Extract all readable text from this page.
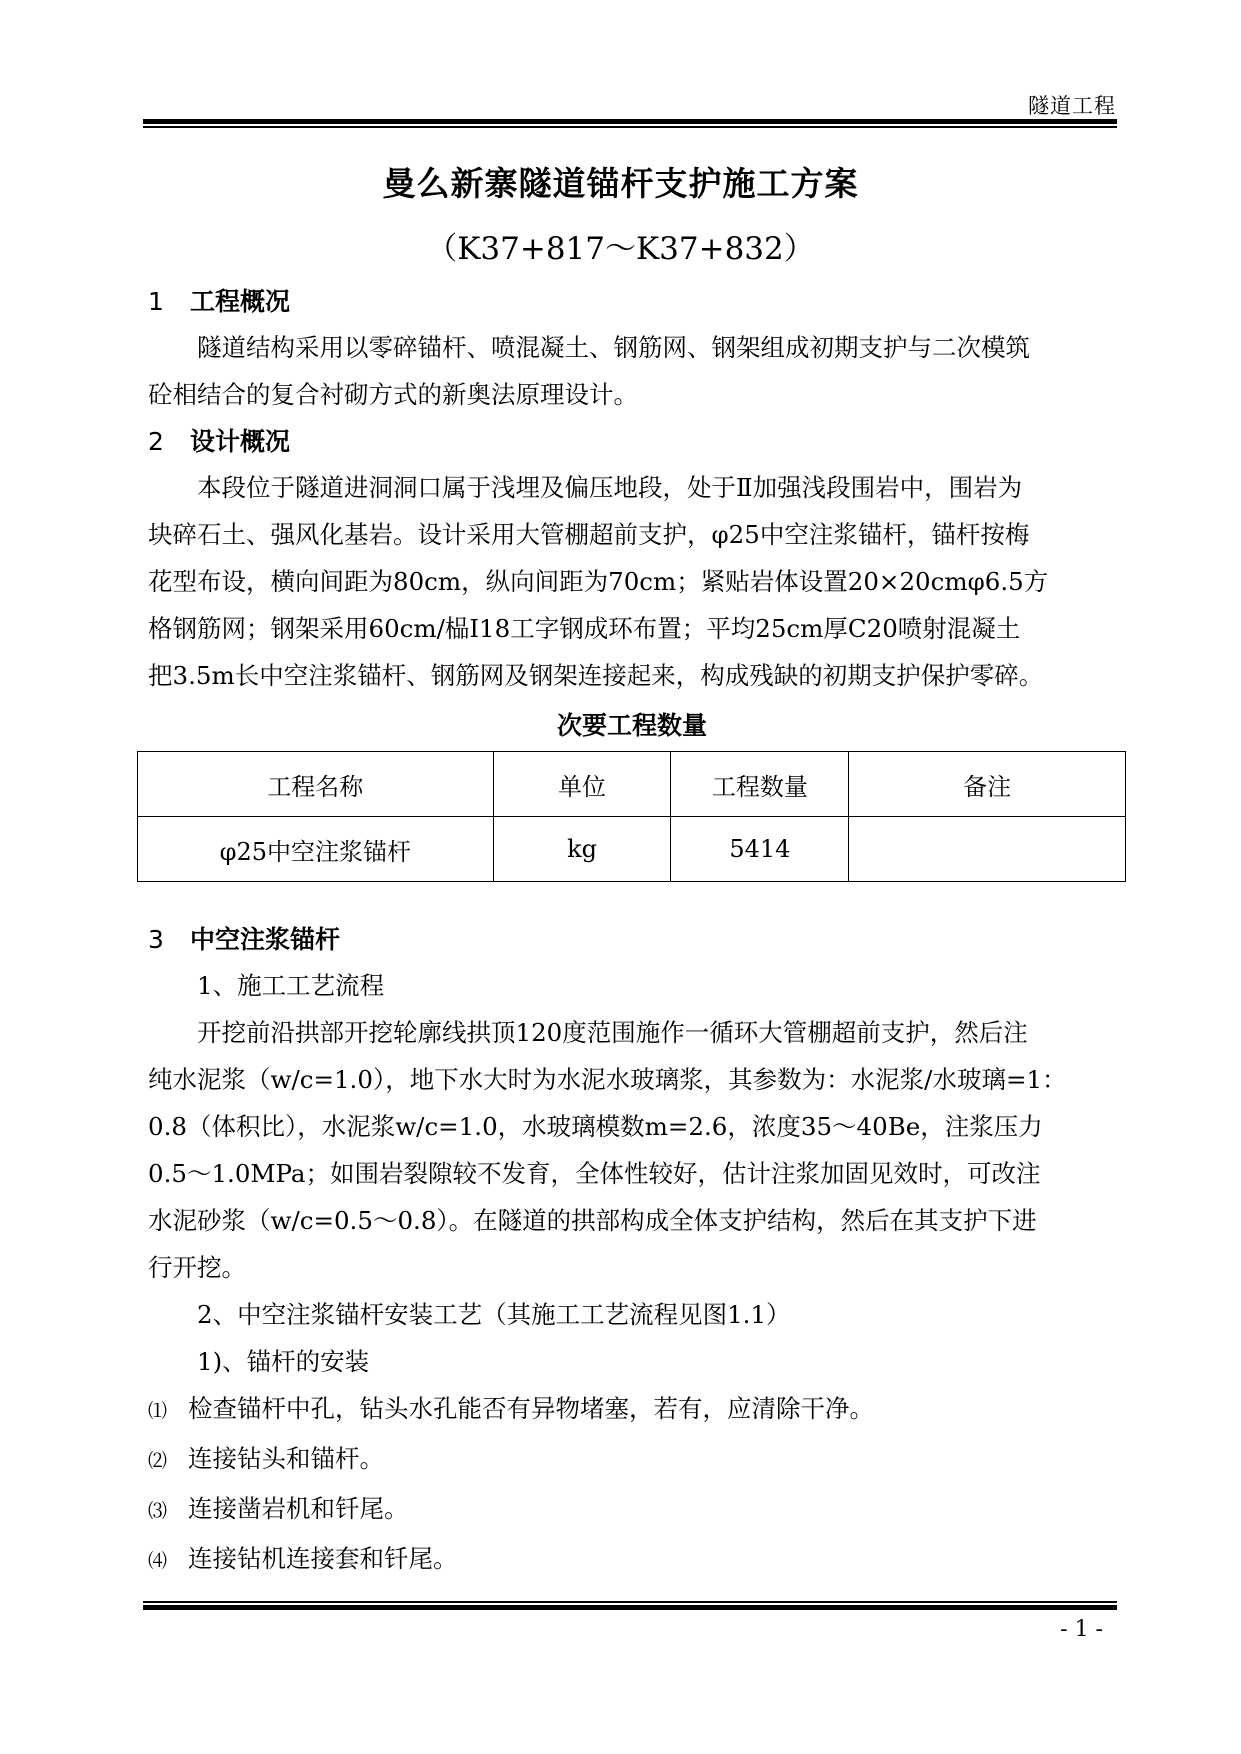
隧道工程
曼么新寨隧道锚杆支护施工方案
（K37+817～K37+832）
1 工程概况

隧道结构采用以零碎锚杆、喷混凝土、钢筋网、钢架组成初期支护与二次模筑

砼相结合的复合衬砌方式的新奥法原理设计。

2 设计概况

本段位于隧道进洞洞口属于浅埋及偏压地段，处于Ⅱ加强浅段围岩中，围岩为

块碎石土、强风化基岩。设计采用大管棚超前支护，φ25中空注浆锚杆，锚杆按梅

花型布设，横向间距为80cm，纵向间距为70cm；紧贴岩体设置20×20cmφ6.5方

格钢筋网；钢架采用60cm/榀Ⅰ18工字钢成环布置；平均25cm厚C20喷射混凝土

把3.5m长中空注浆锚杆、钢筋网及钢架连接起来，构成残缺的初期支护保护零碎。

次要工程数量
工程名称	单位	工程数量	备注
φ25中空注浆锚杆	kg	5414	
3 中空注浆锚杆

1、施工工艺流程

开挖前沿拱部开挖轮廓线拱顶120度范围施作一循环大管棚超前支护，然后注

纯水泥浆（w/c=1.0），地下水大时为水泥水玻璃浆，其参数为：水泥浆/水玻璃=1：

0.8（体积比），水泥浆w/c=1.0，水玻璃模数m=2.6，浓度35～40Be，注浆压力

0.5～1.0MPa；如围岩裂隙较不发育，全体性较好，估计注浆加固见效时，可改注

水泥砂浆（w/c=0.5～0.8）。在隧道的拱部构成全体支护结构，然后在其支护下进

行开挖。

2、中空注浆锚杆安装工艺（其施工工艺流程见图1.1）

1)、锚杆的安装

⑴ 检查锚杆中孔，钻头水孔能否有异物堵塞，若有，应清除干净。

⑵ 连接钻头和锚杆。

⑶ 连接凿岩机和钎尾。

⑷ 连接钻机连接套和钎尾。

- 1 -
